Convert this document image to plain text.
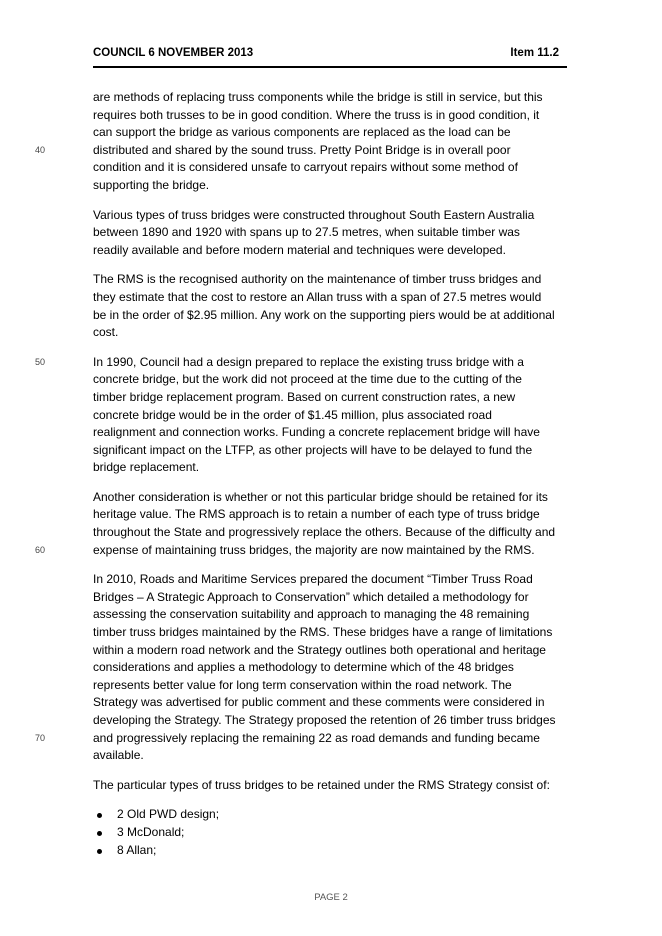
COUNCIL 6 NOVEMBER 2013	Item 11.2
are methods of replacing truss components while the bridge is still in service, but this
requires both trusses to be in good condition. Where the truss is in good condition, it
can support the bridge as various components are replaced as the load can be
40	distributed and shared by the sound truss. Pretty Point Bridge is in overall poor
condition and it is considered unsafe to carryout repairs without some method of
supporting the bridge.
Various types of truss bridges were constructed throughout South Eastern Australia
between 1890 and 1920 with spans up to 27.5 metres, when suitable timber was
readily available and before modern material and techniques were developed.
The RMS is the recognised authority on the maintenance of timber truss bridges and
they estimate that the cost to restore an Allan truss with a span of 27.5 metres would
be in the order of $2.95 million. Any work on the supporting piers would be at additional
cost.
50	In 1990, Council had a design prepared to replace the existing truss bridge with a
concrete bridge, but the work did not proceed at the time due to the cutting of the
timber bridge replacement program. Based on current construction rates, a new
concrete bridge would be in the order of $1.45 million, plus associated road
realignment and connection works. Funding a concrete replacement bridge will have
significant impact on the LTFP, as other projects will have to be delayed to fund the
bridge replacement.
Another consideration is whether or not this particular bridge should be retained for its
heritage value. The RMS approach is to retain a number of each type of truss bridge
throughout the State and progressively replace the others. Because of the difficulty and
60	expense of maintaining truss bridges, the majority are now maintained by the RMS.
In 2010, Roads and Maritime Services prepared the document “Timber Truss Road
Bridges – A Strategic Approach to Conservation” which detailed a methodology for
assessing the conservation suitability and approach to managing the 48 remaining
timber truss bridges maintained by the RMS. These bridges have a range of limitations
within a modern road network and the Strategy outlines both operational and heritage
considerations and applies a methodology to determine which of the 48 bridges
represents better value for long term conservation within the road network. The
Strategy was advertised for public comment and these comments were considered in
developing the Strategy. The Strategy proposed the retention of 26 timber truss bridges
70	and progressively replacing the remaining 22 as road demands and funding became
available.
The particular types of truss bridges to be retained under the RMS Strategy consist of:
2 Old PWD design;
3 McDonald;
8 Allan;
PAGE 2
